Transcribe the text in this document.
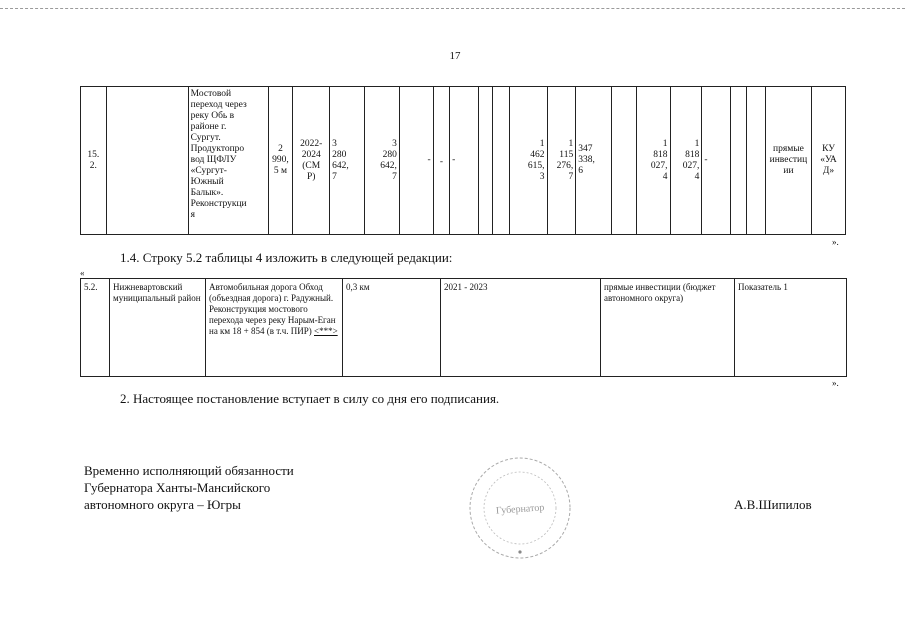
17
15.
2.		Мостовой
переход через
реку Обь в
районе г.
Сургут.
Продуктопро
вод ЩФЛУ
«Сургут-
Южный
Балык».
Реконструкци
я	2
990,
5 м	2022-
2024
(СМ
Р)	3
280
642,
7	3
280
642,
7	-	-	-			1
462
615,
3	1
115
276,
7	347
338,
6		1
818
027,
4	1
818
027,
4	-			прямые
инвестиц
ии	КУ
«УА
Д»
».
1.4. Строку 5.2 таблицы 4 изложить в следующей редакции:
«
5.2.	Нижневартовский муниципальный район	Автомобильная дорога Обход (объездная дорога) г. Радужный. Реконструкция мостового перехода через реку Нарым-Еган на км 18 + 854 (в т.ч. ПИР) <***>	0,3 км	2021 - 2023	прямые инвестиции (бюджет автономного округа)	Показатель 1
».
2. Настоящее постановление вступает в силу со дня его подписания.
Временно исполняющий обязанности
Губернатора Ханты-Мансийского
автономного округа – Югры	Губернатор	А.В.Шипилов
